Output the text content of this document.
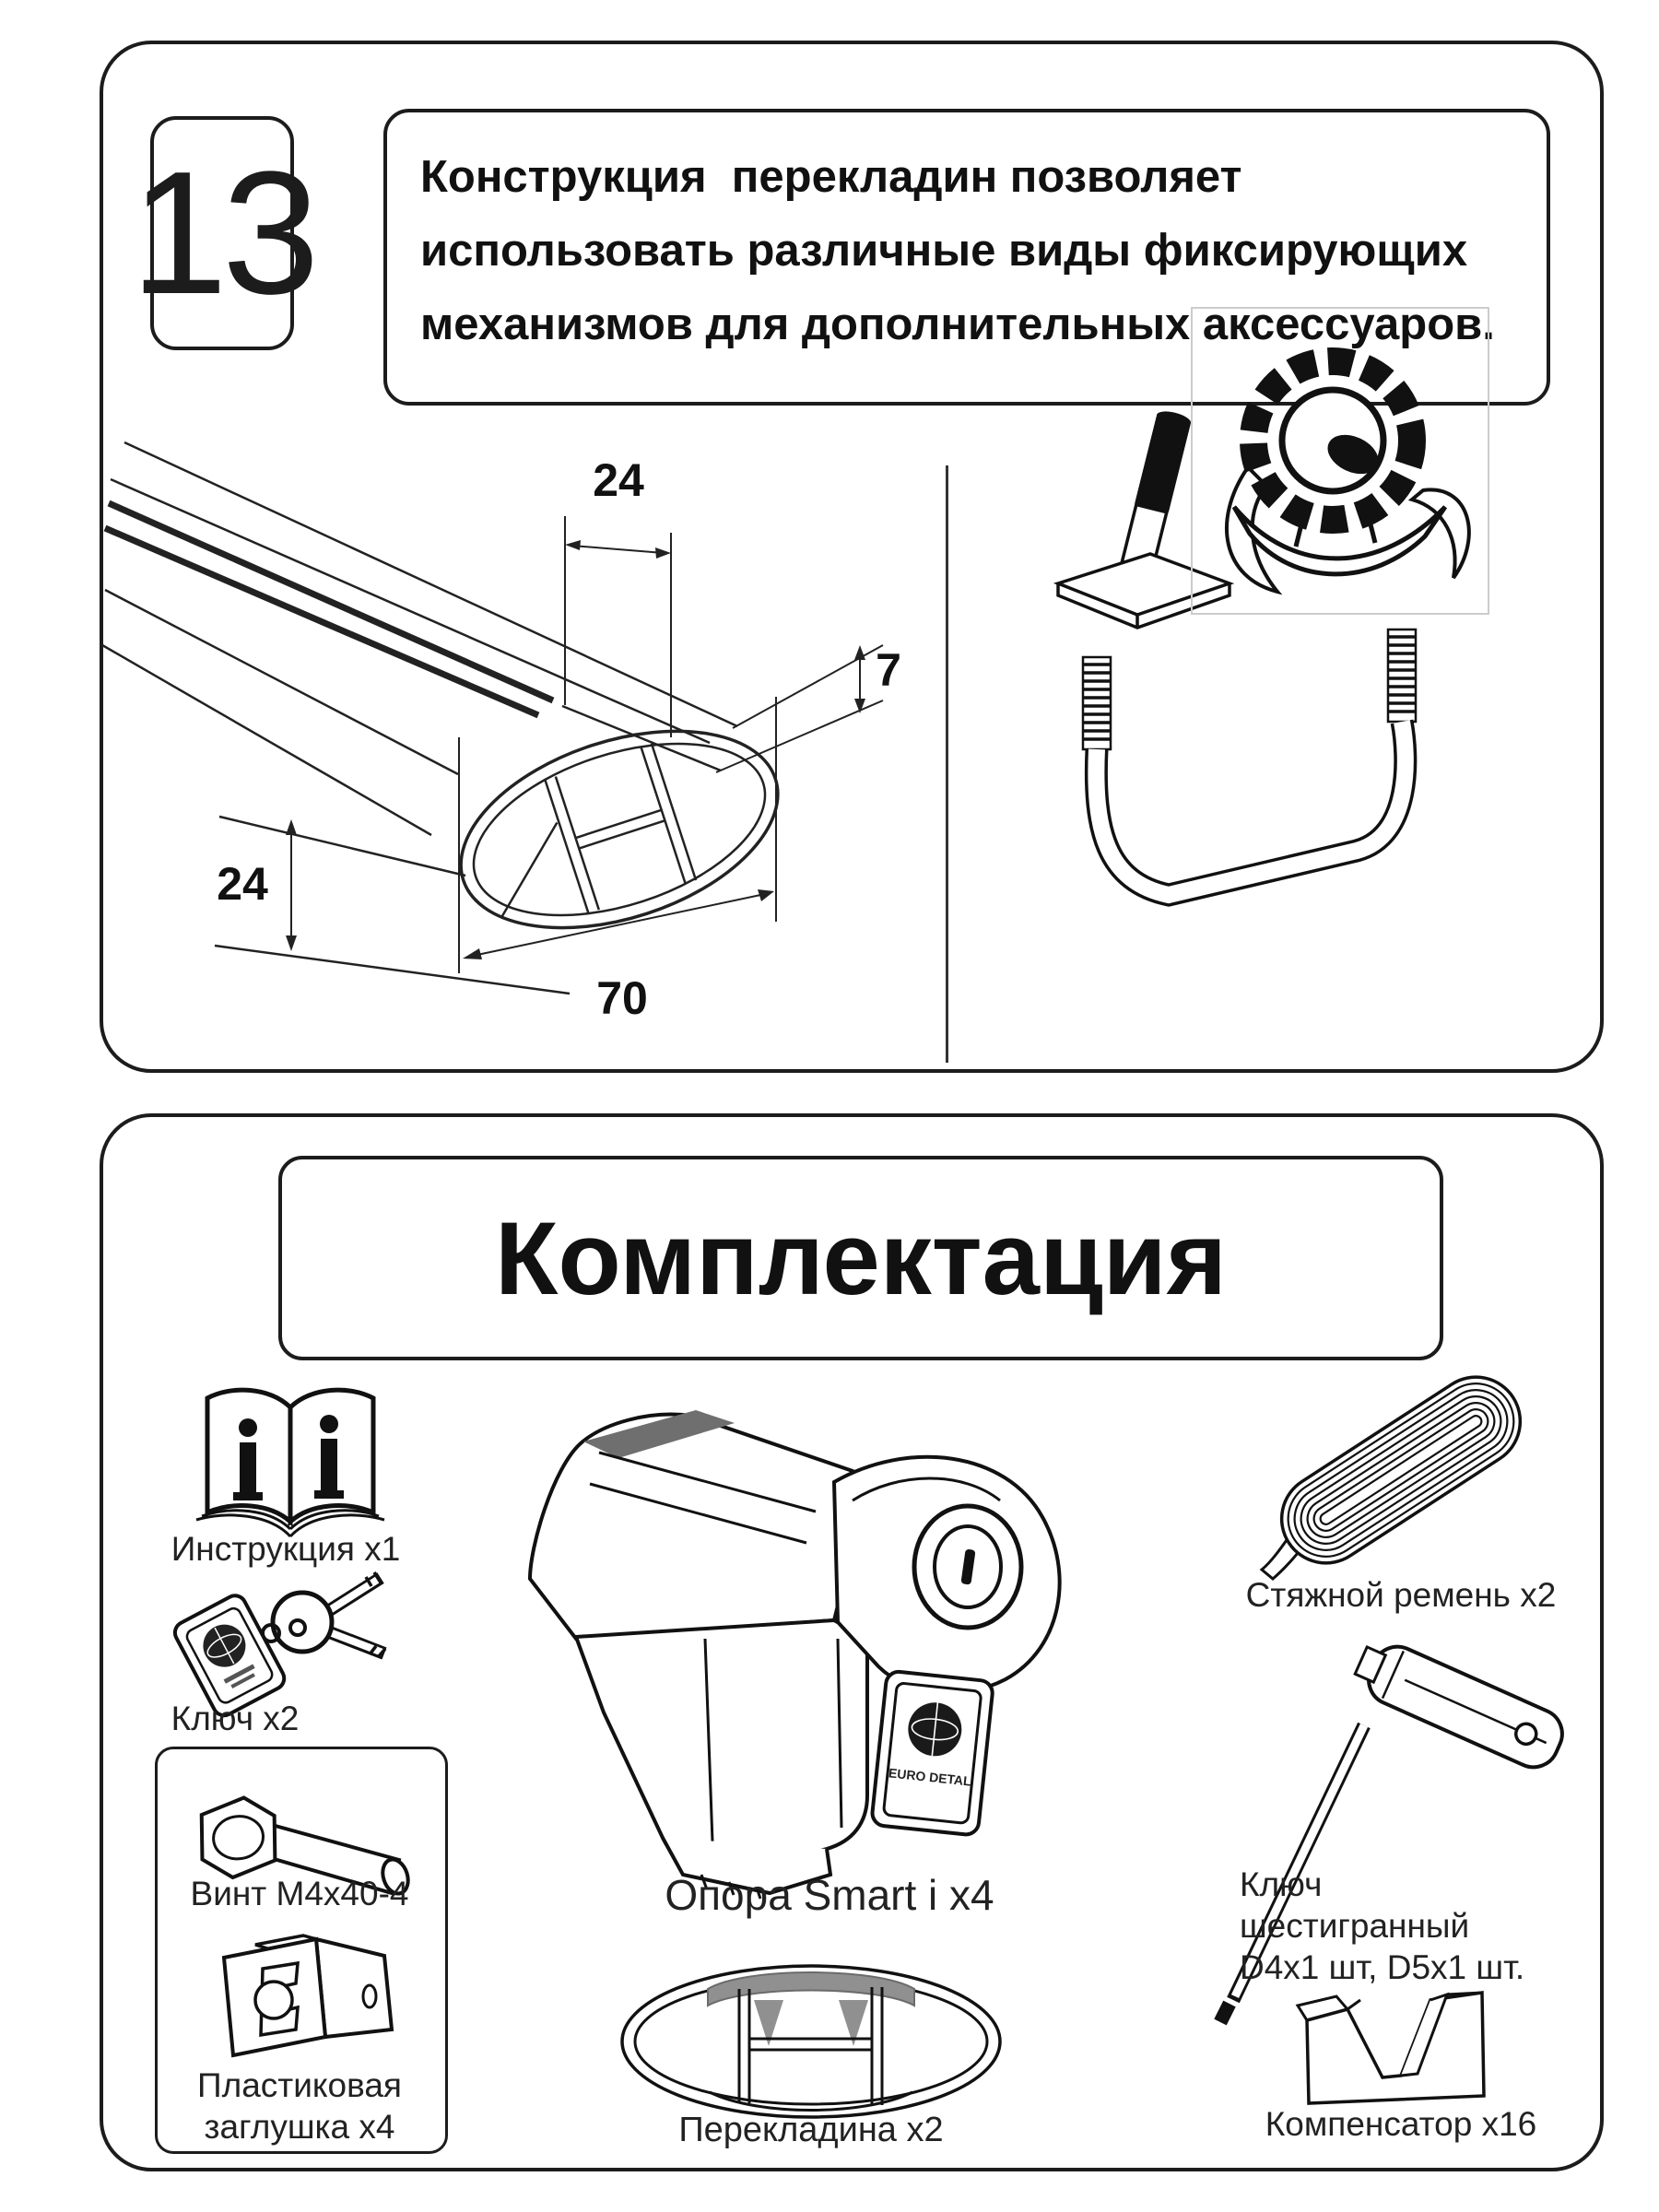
13 Конструкция  перекладин позволяет
использовать различные виды фиксирующих
механизмов для дополнительных аксессуаров.
24
7
24
70
Комплектация
Инструкция x1
Ключ x2
Винт M4x40-4
Пластиковая заглушка x4
EURO DETAL
Опора Smart i x4
Перекладина x2
Стяжной ремень x2
Ключ шестигранный D4x1 шт, D5x1 шт.
Компенсатор x16
